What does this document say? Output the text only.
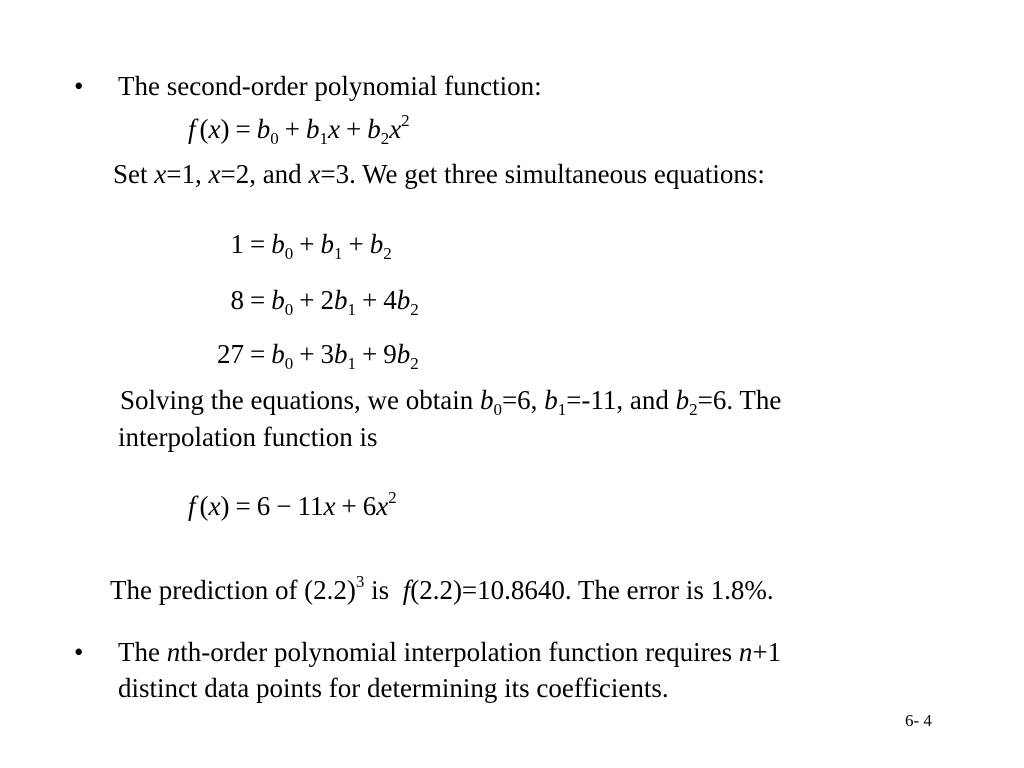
• The second-order polynomial function:
f $(x) = b_0 + b_1x + b_2x^2$
Set x=1, x=2, and x=3. We get three simultaneous equations:
$1 = b_0 + b_1 + b_2$
$8 = b_0 + 2b_1 + 4b_2$
$27 = b_0 + 3b_1 + 9b_2$
Solving the equations, we obtain $b_0=6$, $b_1=-11$, and $b_2=6$. The
interpolation function is
f $(x) = 6 - 11x + 6x^2$
The prediction of $(2.2)^3$ is  f(2.2)=10.8640. The error is 1.8%.
• The nth-order polynomial interpolation function requires n+1
distinct data points for determining its coefficients.
6- 4
